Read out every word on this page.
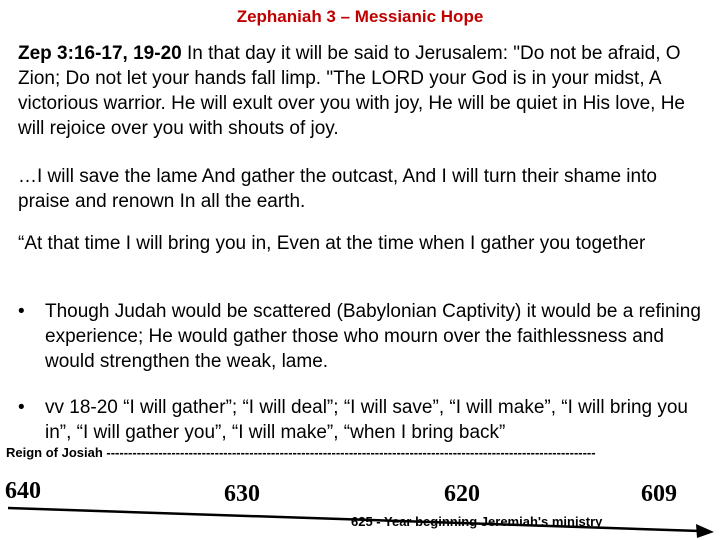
Zephaniah 3 – Messianic Hope

Zep 3:16-17, 19-20 In that day it will be said to Jerusalem: "Do not be afraid, O Zion; Do not let your hands fall limp. "The LORD your God is in your midst, A victorious warrior. He will exult over you with joy, He will be quiet in His love, He will rejoice over you with shouts of joy.

…I will save the lame And gather the outcast, And I will turn their shame into praise and renown In all the earth.

“At that time I will bring you in, Even at the time when I gather you together

• Though Judah would be scattered (Babylonian Captivity) it would be a refining experience; He would gather those who mourn over the faithlessness and would strengthen the weak, lame.
• vv 18-20 “I will gather”; “I will deal”; “I will save”, “I will make”, “I will bring you in”, “I will gather you”, “I will make”, “when I bring back”
Reign of Josiah -----------------------------------------------------------------------------------------------------------------
640	630	620	609
625 - Year beginning Jeremiah's ministry
